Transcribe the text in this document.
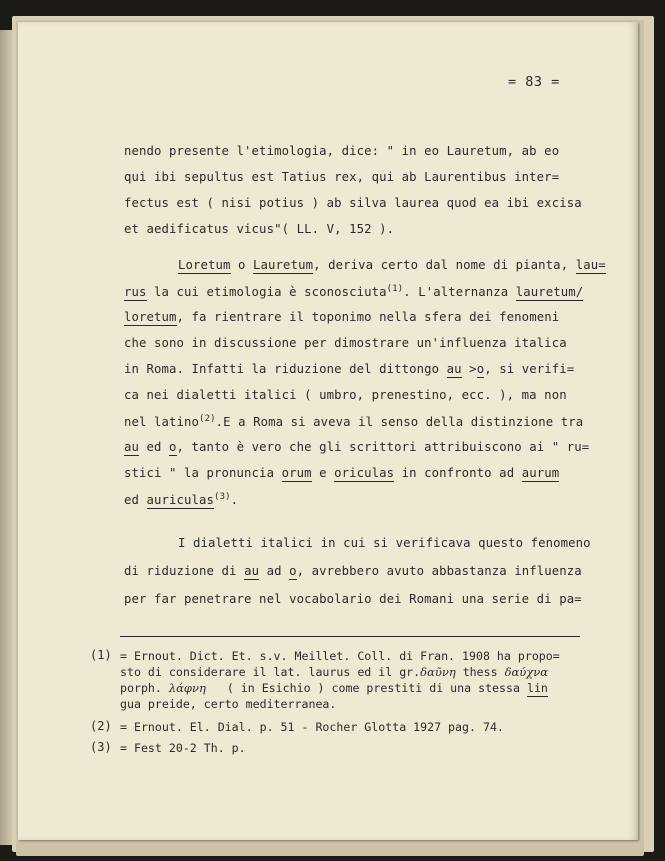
= 83 =
nendo presente l'etimologia, dice: " in eo Lauretum, ab eo
qui ibi sepultus est Tatius rex, qui ab Laurentibus inter=
fectus est ( nisi potius ) ab silva laurea quod ea ibi excisa
et aedificatus vicus"( LL. V, 152 ).
Loretum o Lauretum, deriva certo dal nome di pianta, lau=
rus la cui etimologia è sconosciuta$^{(1)}$. L'alternanza lauretum/
loretum, fa rientrare il toponimo nella sfera dei fenomeni
che sono in discussione per dimostrare un'influenza italica
in Roma. Infatti la riduzione del dittongo au >o, si verifi=
ca nei dialetti italici ( umbro, prenestino, ecc. ), ma non
nel latino$^{(2)}$.E a Roma si aveva il senso della distinzione tra
au ed o, tanto è vero che gli scrittori attribuiscono ai " ru=
stici " la pronuncia orum e oriculas in confronto ad aurum
ed auriculas$^{(3)}$.
I dialetti italici in cui si verificava questo fenomeno
di riduzione di au ad o, avrebbero avuto abbastanza influenza
per far penetrare nel vocabolario dei Romani una serie di pa=
(1) = Ernout. Dict. Et. s.v. Meillet. Coll. di Fran. 1908 ha propo=
sto di considerare il lat. laurus ed il gr.δαῦνη thess δαύχνα
porph. λάφνη   ( in Esichio ) come prestiti di una stessa lin
gua preide, certo mediterranea.
(2) = Ernout. El. Dial. p. 51 - Rocher Glotta 1927 pag. 74.
(3) = Fest 20-2 Th. p.
